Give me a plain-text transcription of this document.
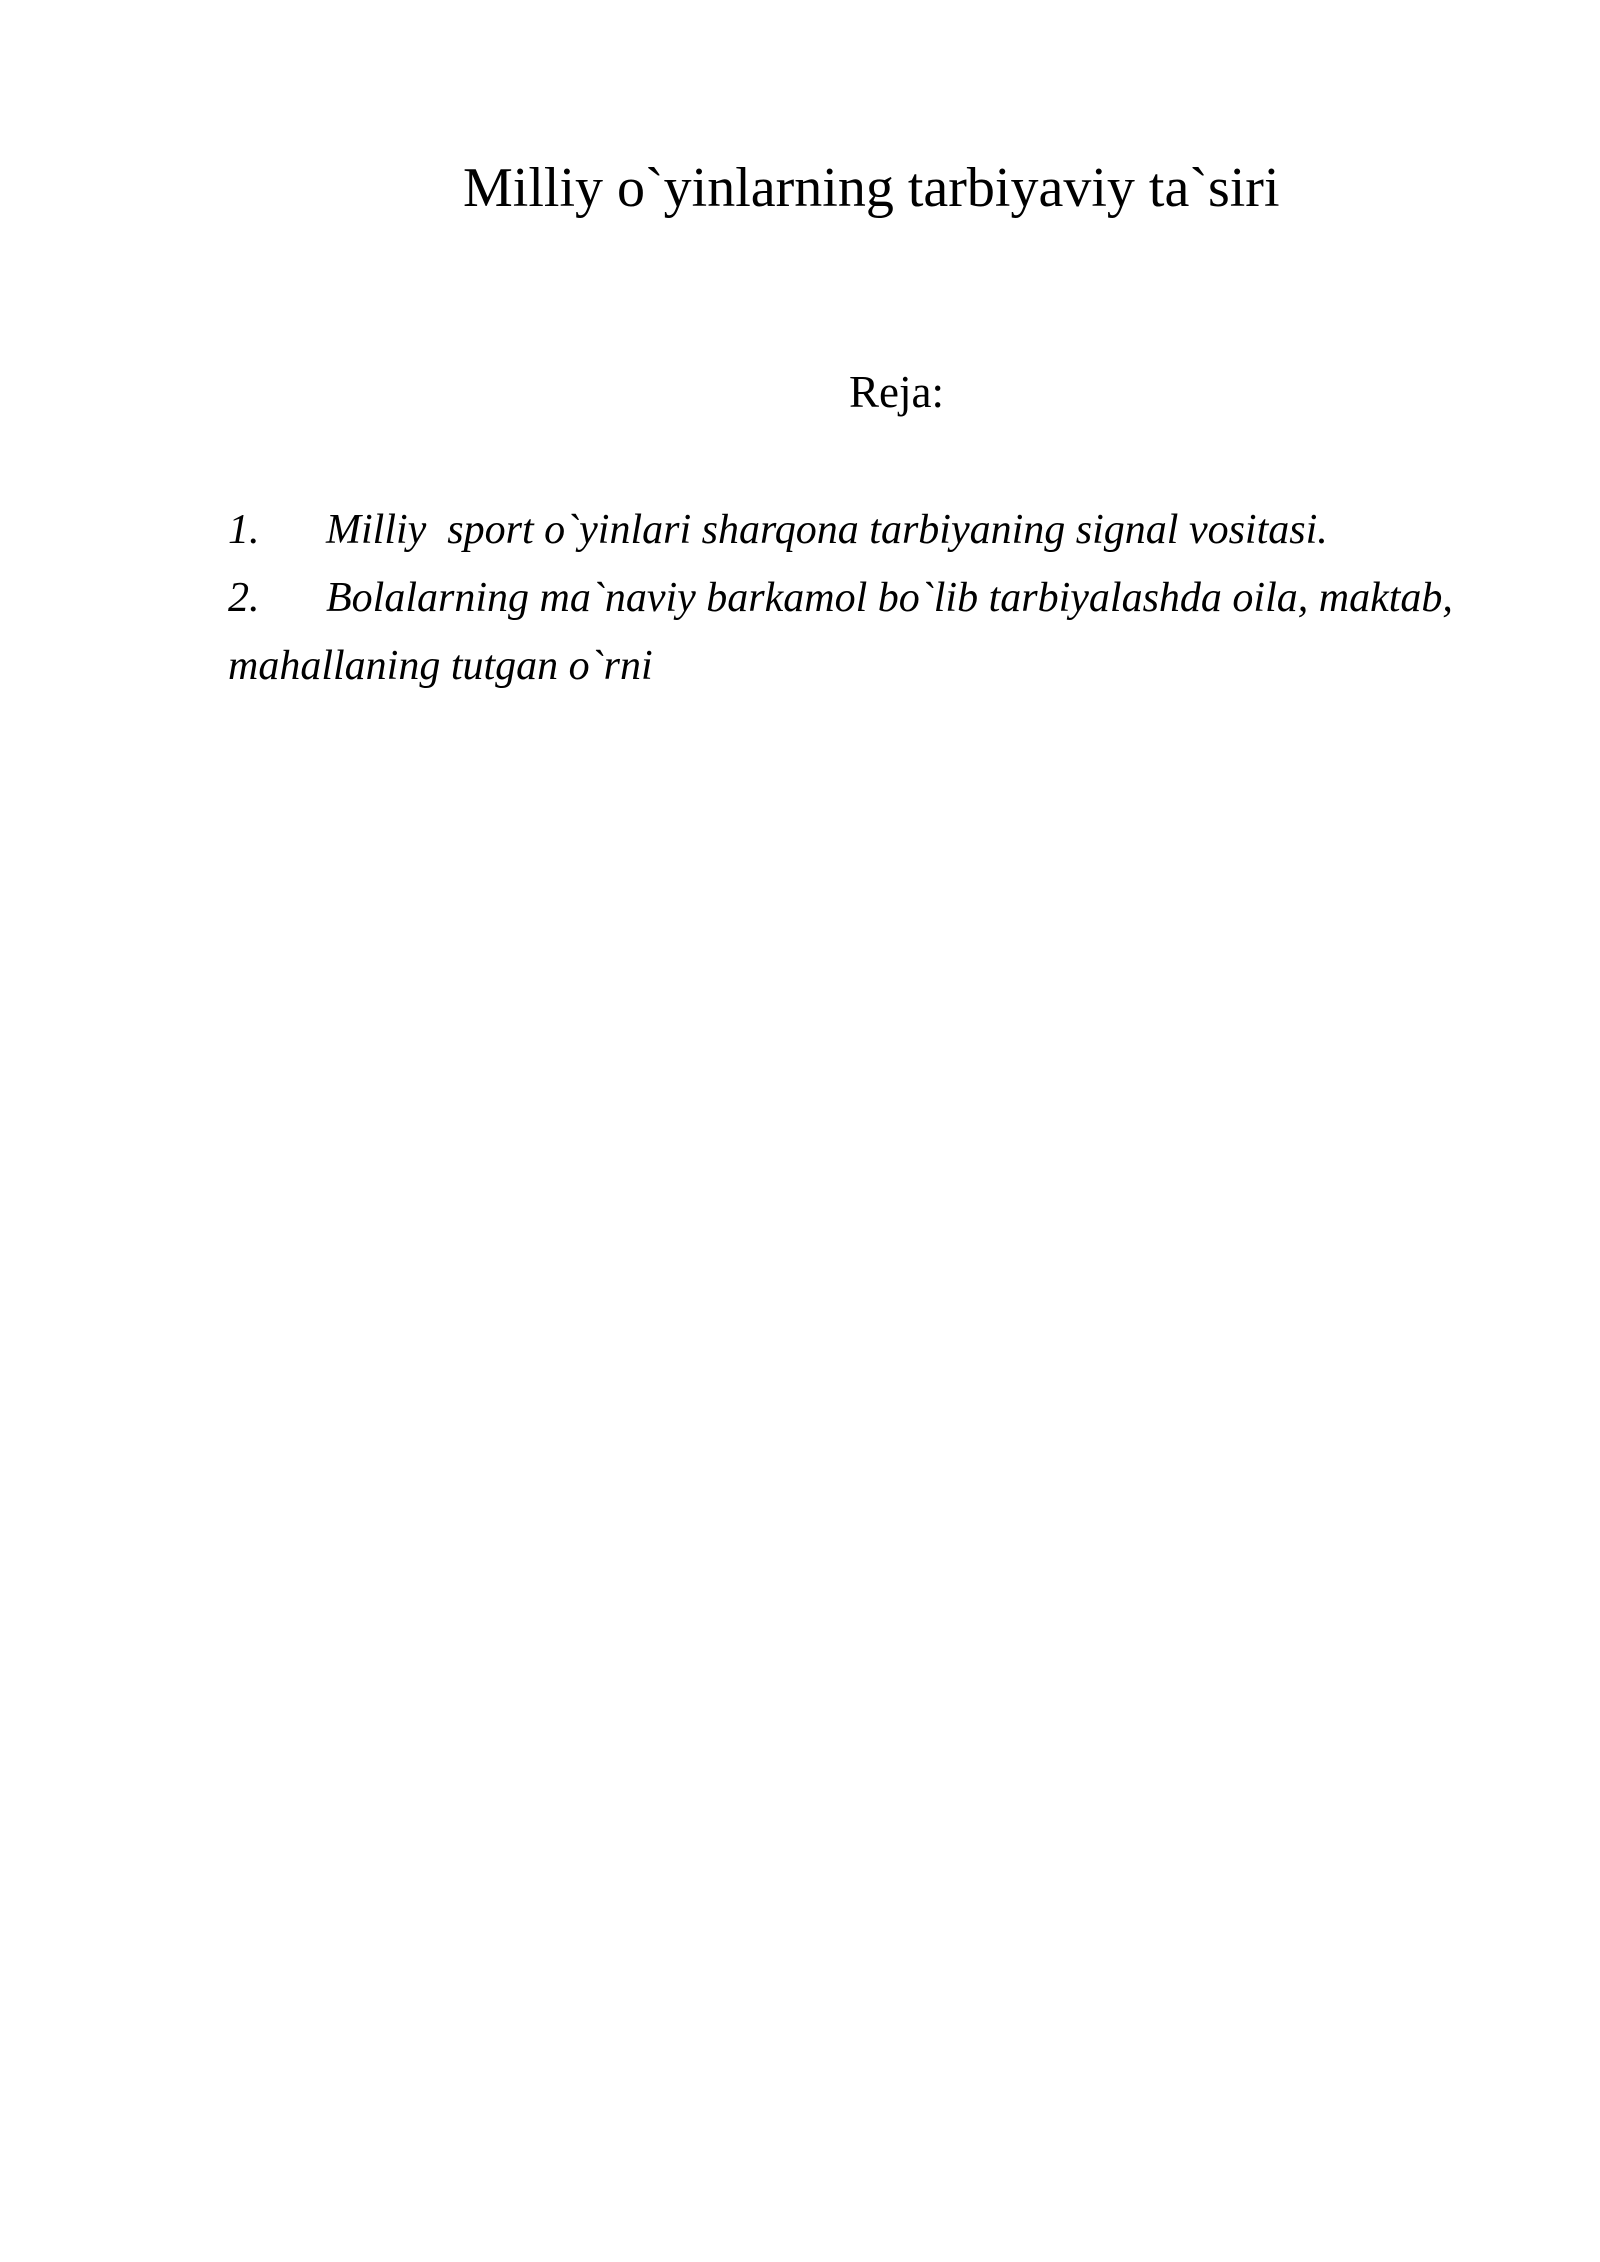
Milliy o`yinlarning tarbiyaviy ta`siri

Reja:

1. Milliy  sport o`yinlari sharqona tarbiyaning signal vositasi.
2. Bolalarning ma`naviy barkamol bo`lib tarbiyalashda oila, maktab, mahallaning tutgan o`rni
